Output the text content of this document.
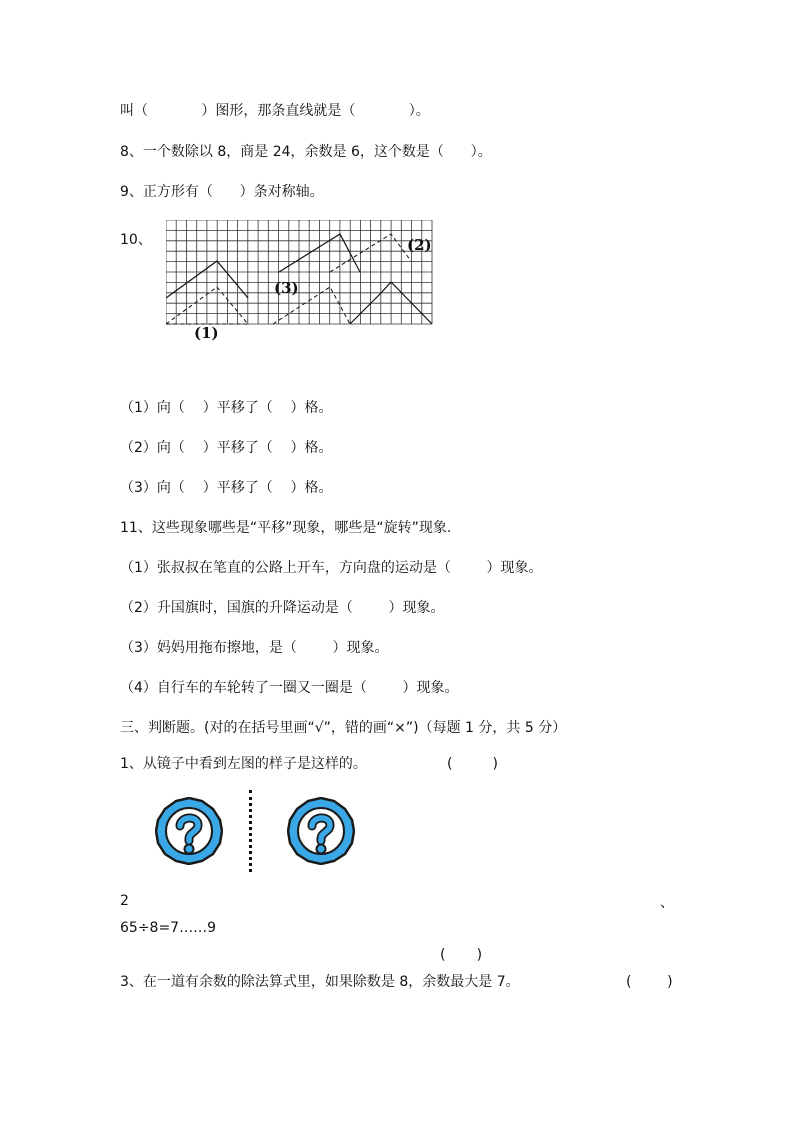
叫（            ）图形，那条直线就是（            ）。
8、一个数除以 8，商是 24，余数是 6，这个数是（      ）。
9、正方形有（      ）条对称轴。
10、	(2)
(3)
(1)
（1）向（    ）平移了（    ）格。
（2）向（    ）平移了（    ）格。
（3）向（    ）平移了（    ）格。
11、这些现象哪些是“平移”现象，哪些是“旋转”现象.
（1）张叔叔在笔直的公路上开车，方向盘的运动是（        ）现象。
（2）升国旗时，国旗的升降运动是（        ）现象。
（3）妈妈用拖布擦地，是（        ）现象。
（4）自行车的车轮转了一圈又一圈是（        ）现象。
三、判断题。(对的在括号里画“√”，错的画“×”)（每题 1 分，共 5 分）
1、从镜子中看到左图的样子是这样的。	(         )
2	、
65÷8=7……9
(       )
3、在一道有余数的除法算式里，如果除数是 8，余数最大是 7。	(        )
